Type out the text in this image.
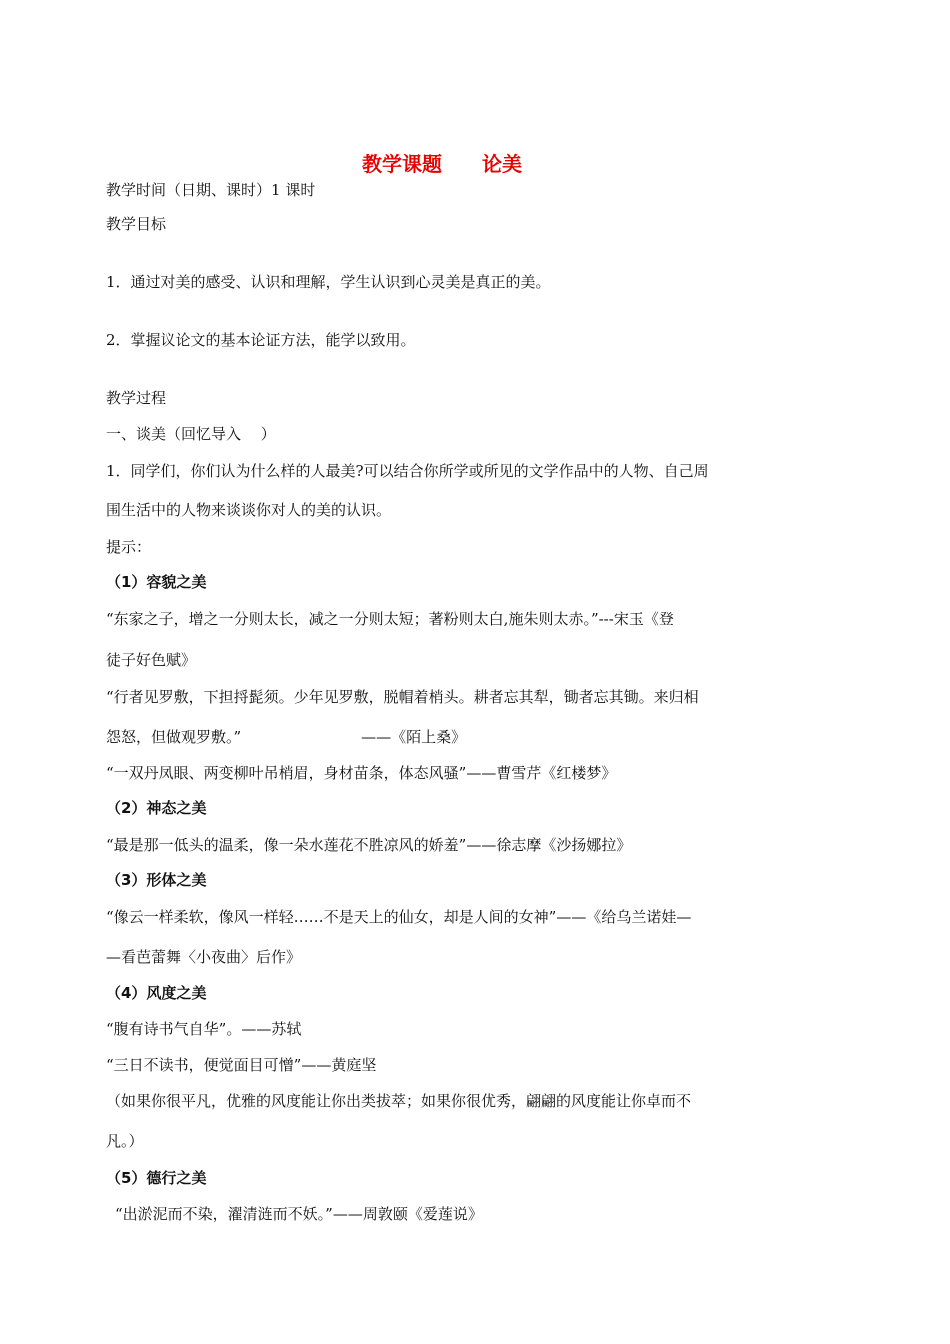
教学课题　　论美
教学时间（日期、课时）1 课时
教学目标
1．通过对美的感受、认识和理解，学生认识到心灵美是真正的美。
2．掌握议论文的基本论证方法，能学以致用。
教学过程
一、谈美（回忆导入　 ）
1．同学们，你们认为什么样的人最美?可以结合你所学或所见的文学作品中的人物、自己周
围生活中的人物来谈谈你对人的美的认识。
提示：
（1）容貌之美
“东家之子，增之一分则太长，减之一分则太短；著粉则太白,施朱则太赤。”---宋玉《登
徒子好色赋》
“行者见罗敷，下担捋髭须。少年见罗敷，脱帽着梢头。耕者忘其犁，锄者忘其锄。来归相
怨怒，但做观罗敷。”　　　　　　　　——《陌上桑》
“一双丹凤眼、两变柳叶吊梢眉，身材苗条，体态风骚”——曹雪芹《红楼梦》
（2）神态之美
“最是那一低头的温柔，像一朵水莲花不胜凉风的娇羞”——徐志摩《沙扬娜拉》
（3）形体之美
“像云一样柔软，像风一样轻……不是天上的仙女，却是人间的女神”——《给乌兰诺娃—
—看芭蕾舞〈小夜曲〉后作》
（4）风度之美
“腹有诗书气自华”。——苏轼
“三日不读书，便觉面目可憎”——黄庭坚
（如果你很平凡，优雅的风度能让你出类拔萃；如果你很优秀，翩翩的风度能让你卓而不
凡。）
（5）德行之美
“出淤泥而不染，濯清涟而不妖。”——周敦颐《爱莲说》
